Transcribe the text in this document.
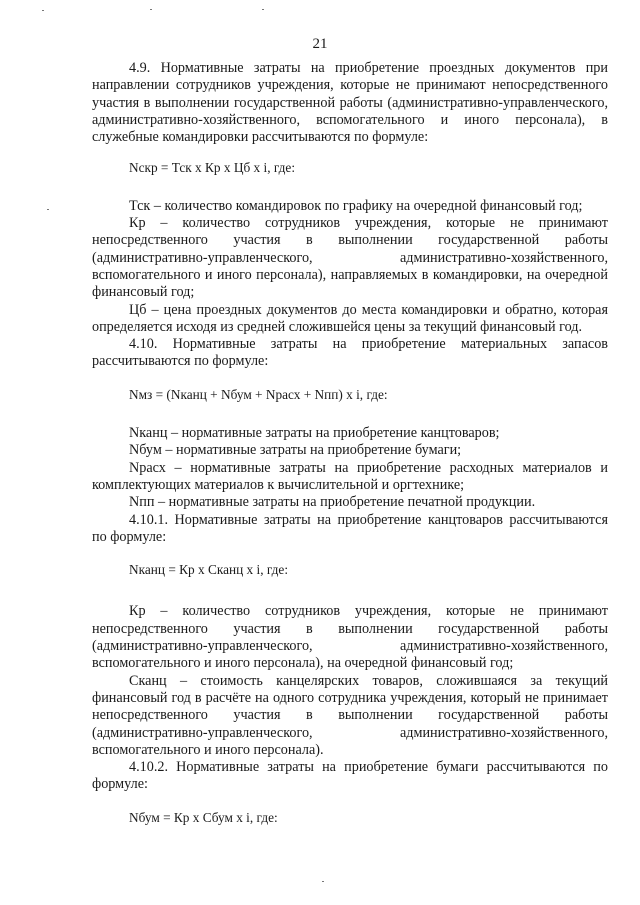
21

4.9. Нормативные затраты на приобретение проездных документов при направлении сотрудников учреждения, которые не принимают непосредственного участия в выполнении государственной работы (административно-управленческого, административно-хозяйственного, вспомогательного и иного персонала), в служебные командировки рассчитываются по формуле:

Nскр = Тск х Кр х Цб х i, где:

Тск – количество командировок по графику на очередной финансовый год;

Кр – количество сотрудников учреждения, которые не принимают непосредственного участия в выполнении государственной работы (административно-управленческого, административно-хозяйственного, вспомогательного и иного персонала), направляемых в командировки, на очередной финансовый год;

Цб – цена проездных документов до места командировки и обратно, которая определяется исходя из средней сложившейся цены за текущий финансовый год.

4.10. Нормативные затраты на приобретение материальных запасов рассчитываются по формуле:

Nмз = (Nканц + Nбум + Nрасх + Nпп) х i, где:

Nканц – нормативные затраты на приобретение канцтоваров;

Nбум – нормативные затраты на приобретение бумаги;

Nрасх – нормативные затраты на приобретение расходных материалов и комплектующих материалов к вычислительной и оргтехнике;

Nпп – нормативные затраты на приобретение печатной продукции.

4.10.1. Нормативные затраты на приобретение канцтоваров рассчитываются по формуле:

Nканц = Кр х Сканц х i, где:

Кр – количество сотрудников учреждения, которые не принимают непосредственного участия в выполнении государственной работы (административно-управленческого, административно-хозяйственного, вспомогательного и иного персонала), на очередной финансовый год;

Сканц – стоимость канцелярских товаров, сложившаяся за текущий финансовый год в расчёте на одного сотрудника учреждения, который не принимает непосредственного участия в выполнении государственной работы (административно-управленческого, административно-хозяйственного, вспомогательного и иного персонала).

4.10.2. Нормативные затраты на приобретение бумаги рассчитываются по формуле:

Nбум = Кр х Сбум х i, где:
